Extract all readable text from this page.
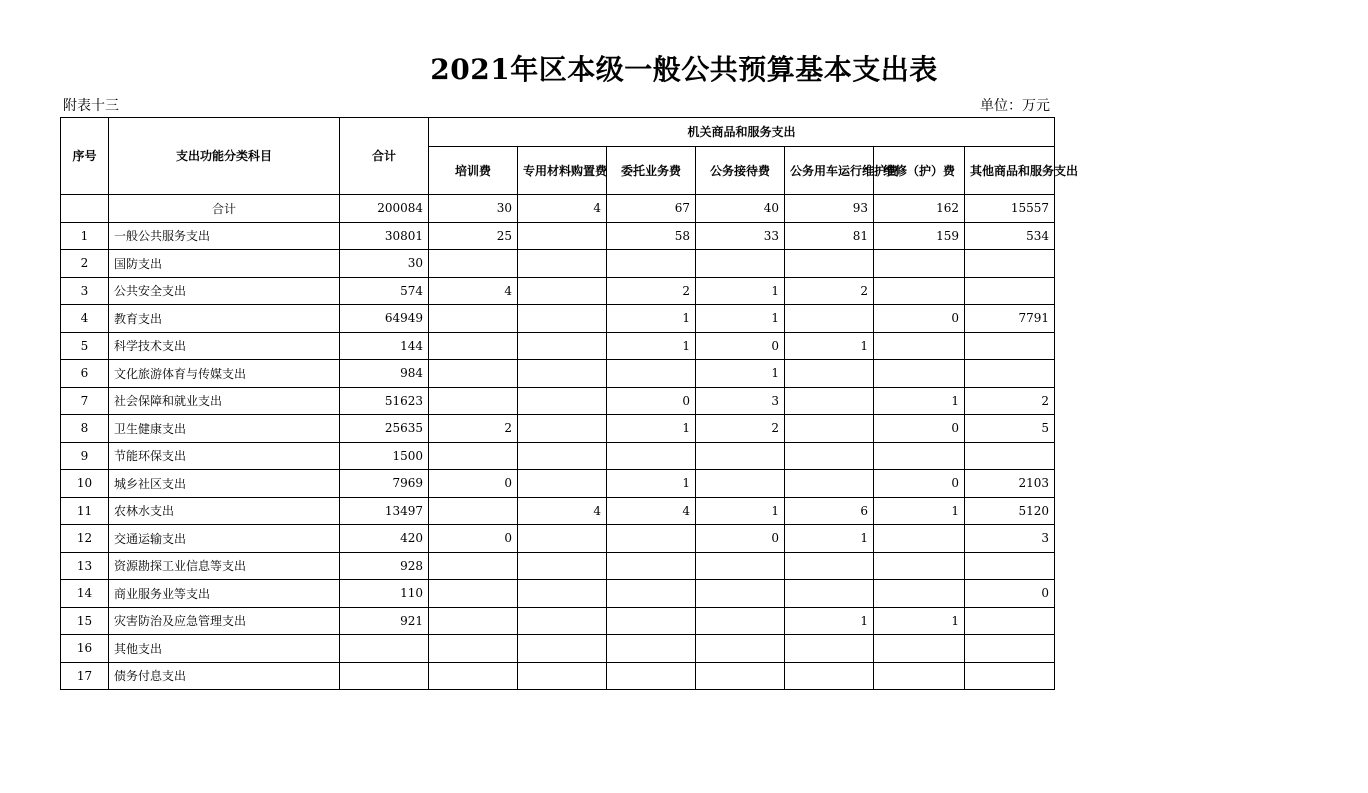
2021年区本级一般公共预算基本支出表
附表十三	单位：万元
序号	支出功能分类科目	合计	机关商品和服务支出						
			培训费	专用材料购置费	委托业务费	公务接待费	公务用车运行维护费	维修（护）费	其他商品和服务支出
	合计	200084	30	4	67	40	93	162	15557
1	一般公共服务支出	30801	25		58	33	81	159	534
2	国防支出	30							
3	公共安全支出	574	4		2	1	2		
4	教育支出	64949			1	1		0	7791
5	科学技术支出	144			1	0	1		
6	文化旅游体育与传媒支出	984				1			
7	社会保障和就业支出	51623			0	3		1	2
8	卫生健康支出	25635	2		1	2		0	5
9	节能环保支出	1500							
10	城乡社区支出	7969	0		1			0	2103
11	农林水支出	13497		4	4	1	6	1	5120
12	交通运输支出	420	0			0	1		3
13	资源勘探工业信息等支出	928							
14	商业服务业等支出	110							0
15	灾害防治及应急管理支出	921					1	1	
16	其他支出								
17	债务付息支出								
